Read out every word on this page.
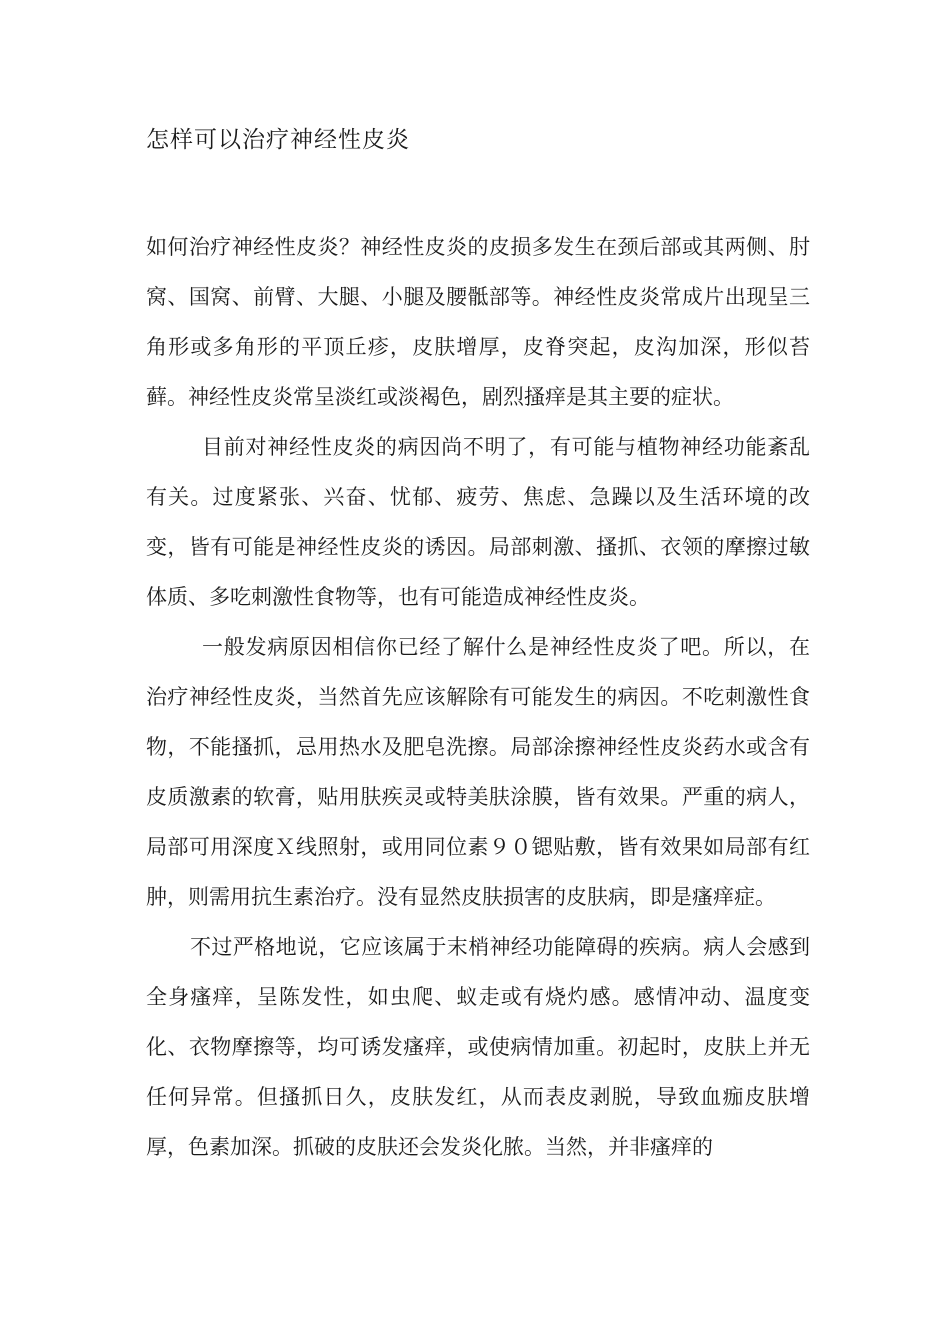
怎样可以治疗神经性皮炎

如何治疗神经性皮炎？神经性皮炎的皮损多发生在颈后部或其两侧、肘窝、国窝、前臂、大腿、小腿及腰骶部等。神经性皮炎常成片出现呈三角形或多角形的平顶丘疹，皮肤增厚，皮脊突起，皮沟加深，形似苔藓。神经性皮炎常呈淡红或淡褐色，剧烈搔痒是其主要的症状。

目前对神经性皮炎的病因尚不明了，有可能与植物神经功能紊乱有关。过度紧张、兴奋、忧郁、疲劳、焦虑、急躁以及生活环境的改变，皆有可能是神经性皮炎的诱因。局部刺激、搔抓、衣领的摩擦过敏体质、多吃刺激性食物等，也有可能造成神经性皮炎。

一般发病原因相信你已经了解什么是神经性皮炎了吧。所以，在治疗神经性皮炎，当然首先应该解除有可能发生的病因。不吃刺激性食物，不能搔抓，忌用热水及肥皂洗擦。局部涂擦神经性皮炎药水或含有皮质激素的软膏，贴用肤疾灵或特美肤涂膜，皆有效果。严重的病人，局部可用深度Ｘ线照射，或用同位素９０锶贴敷，皆有效果如局部有红肿，则需用抗生素治疗。没有显然皮肤损害的皮肤病，即是瘙痒症。

不过严格地说，它应该属于末梢神经功能障碍的疾病。病人会感到全身瘙痒，呈陈发性，如虫爬、蚁走或有烧灼感。感情冲动、温度变化、衣物摩擦等，均可诱发瘙痒，或使病情加重。初起时，皮肤上并无任何异常。但搔抓日久，皮肤发红，从而表皮剥脱，导致血痂皮肤增厚，色素加深。抓破的皮肤还会发炎化脓。当然，并非瘙痒的
